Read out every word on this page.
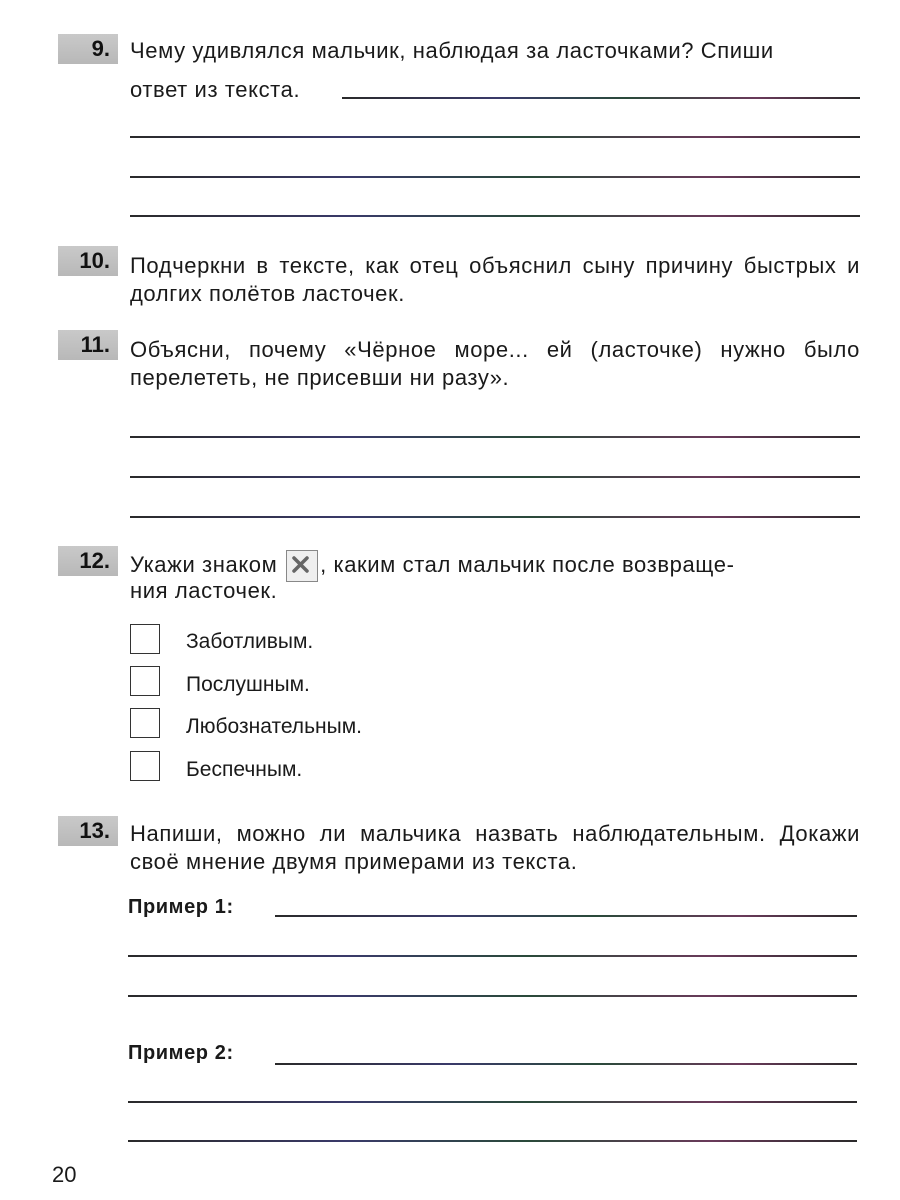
9. Чему удивлялся мальчик, наблюдая за ласточками? Спиши

ответ из текста.

10. Подчеркни в тексте, как отец объяснил сыну причину быстрых и долгих полётов ласточек.

11. Объясни, почему «Чёрное море... ей (ласточке) нужно было перелететь, не присевши ни разу».

12. Укажи знаком , каким стал мальчик после возвраще-

ния ласточек.

Заботливым.
Послушным.
Любознательным.
Беспечным.
13. Напиши, можно ли мальчика назвать наблюдательным. Докажи своё мнение двумя примерами из текста.

Пример 1:
Пример 2:
20
